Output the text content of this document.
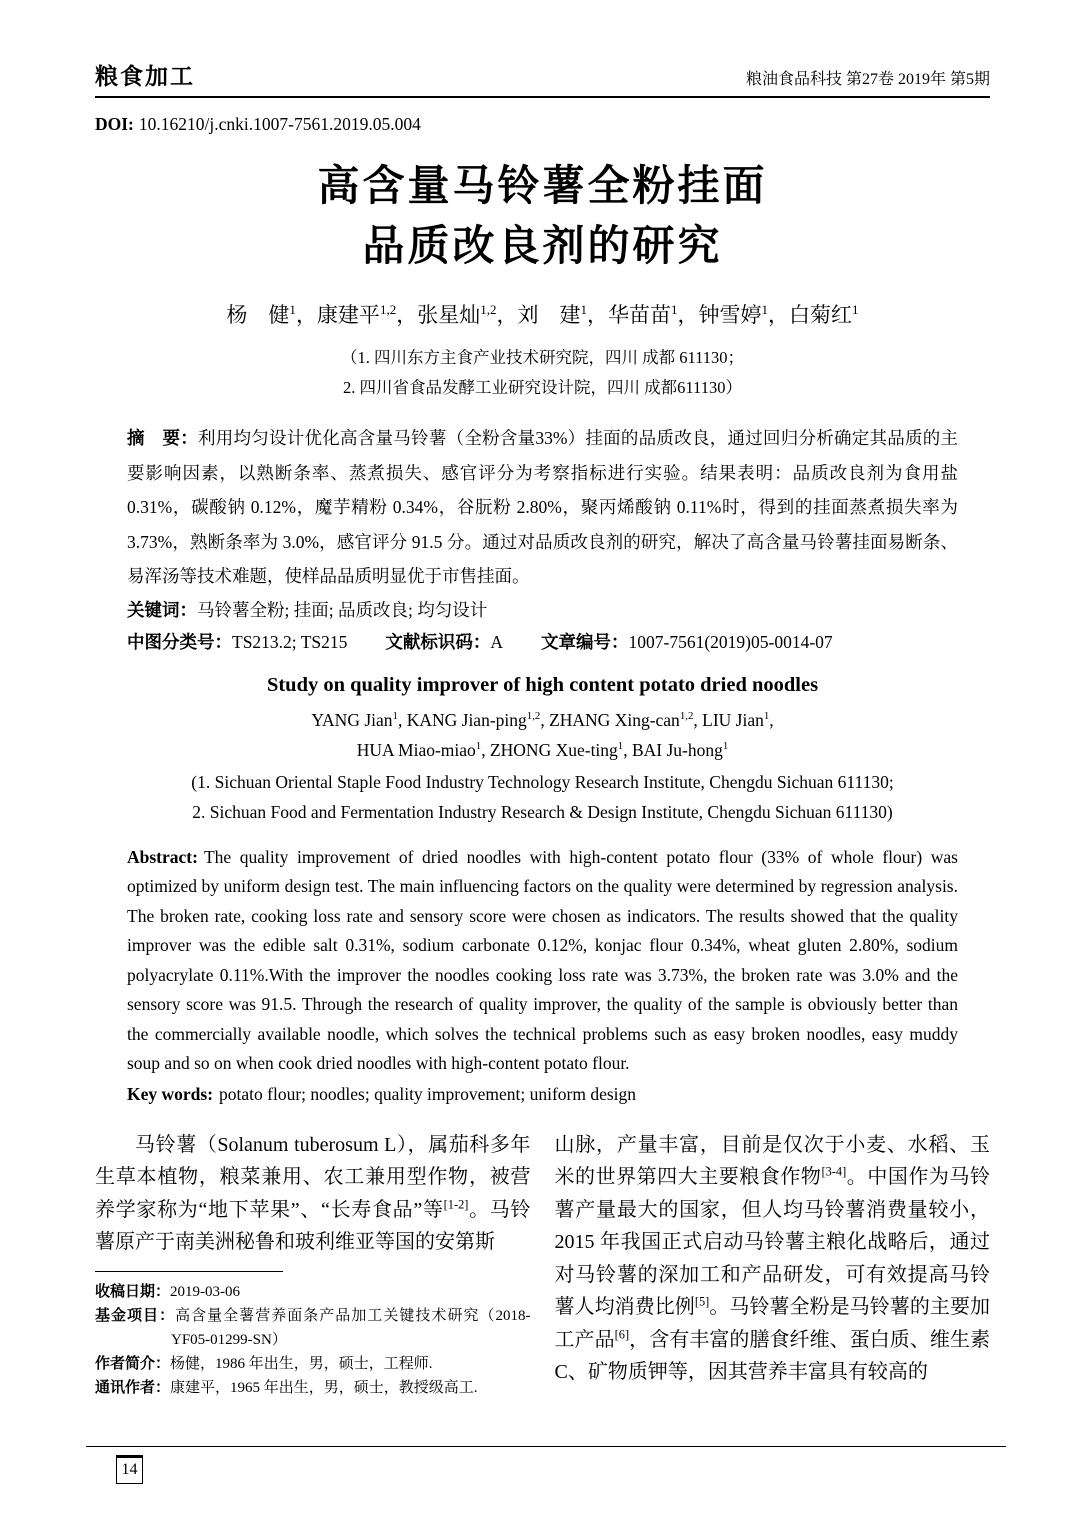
粮食加工	粮油食品科技 第27卷 2019年 第5期

DOI: 10.16210/j.cnki.1007-7561.2019.05.004

高含量马铃薯全粉挂面
品质改良剂的研究

杨　健$^1$，康建平$^{1,2}$，张星灿$^{1,2}$，刘　建$^1$，华苗苗$^1$，钟雪婷$^1$，白菊红$^1$

（1. 四川东方主食产业技术研究院，四川 成都 611130；
2. 四川省食品发酵工业研究设计院，四川 成都611130）

摘　要：利用均匀设计优化高含量马铃薯（全粉含量33%）挂面的品质改良，通过回归分析确定其品质的主要影响因素，以熟断条率、蒸煮损失、感官评分为考察指标进行实验。结果表明：品质改良剂为食用盐 0.31%，碳酸钠 0.12%，魔芋精粉 0.34%，谷朊粉 2.80%，聚丙烯酸钠 0.11%时，得到的挂面蒸煮损失率为 3.73%，熟断条率为 3.0%，感官评分 91.5 分。通过对品质改良剂的研究，解决了高含量马铃薯挂面易断条、易浑汤等技术难题，使样品品质明显优于市售挂面。

关键词：马铃薯全粉; 挂面; 品质改良; 均匀设计

中图分类号：TS213.2; TS215 文献标识码：A 文章编号：1007-7561(2019)05-0014-07

Study on quality improver of high content potato dried noodles

YANG Jian$^1$, KANG Jian-ping$^{1,2}$, ZHANG Xing-can$^{1,2}$, LIU Jian$^1$,
HUA Miao-miao$^1$, ZHONG Xue-ting$^1$, BAI Ju-hong$^1$

(1. Sichuan Oriental Staple Food Industry Technology Research Institute, Chengdu Sichuan 611130;
2. Sichuan Food and Fermentation Industry Research & Design Institute, Chengdu Sichuan 611130)

Abstract: The quality improvement of dried noodles with high-content potato flour (33% of whole flour) was optimized by uniform design test. The main influencing factors on the quality were determined by regression analysis. The broken rate, cooking loss rate and sensory score were chosen as indicators. The results showed that the quality improver was the edible salt 0.31%, sodium carbonate 0.12%, konjac flour 0.34%, wheat gluten 2.80%, sodium polyacrylate 0.11%.With the improver the noodles cooking loss rate was 3.73%, the broken rate was 3.0% and the sensory score was 91.5. Through the research of quality improver, the quality of the sample is obviously better than the commercially available noodle, which solves the technical problems such as easy broken noodles, easy muddy soup and so on when cook dried noodles with high-content potato flour.

Key words: potato flour; noodles; quality improvement; uniform design

马铃薯（Solanum tuberosum L），属茄科多年生草本植物，粮菜兼用、农工兼用型作物，被营养学家称为“地下苹果”、“长寿食品”等[1-2]。马铃薯原产于南美洲秘鲁和玻利维亚等国的安第斯

收稿日期：2019-03-06

基金项目：高含量全薯营养面条产品加工关键技术研究（2018-YF05-01299-SN）

作者简介：杨健，1986 年出生，男，硕士，工程师.

通讯作者：康建平，1965 年出生，男，硕士，教授级高工.

山脉，产量丰富，目前是仅次于小麦、水稻、玉米的世界第四大主要粮食作物[3-4]。中国作为马铃薯产量最大的国家，但人均马铃薯消费量较小，2015 年我国正式启动马铃薯主粮化战略后，通过对马铃薯的深加工和产品研发，可有效提高马铃薯人均消费比例[5]。马铃薯全粉是马铃薯的主要加工产品[6]，含有丰富的膳食纤维、蛋白质、维生素 C、矿物质钾等，因其营养丰富具有较高的

14
